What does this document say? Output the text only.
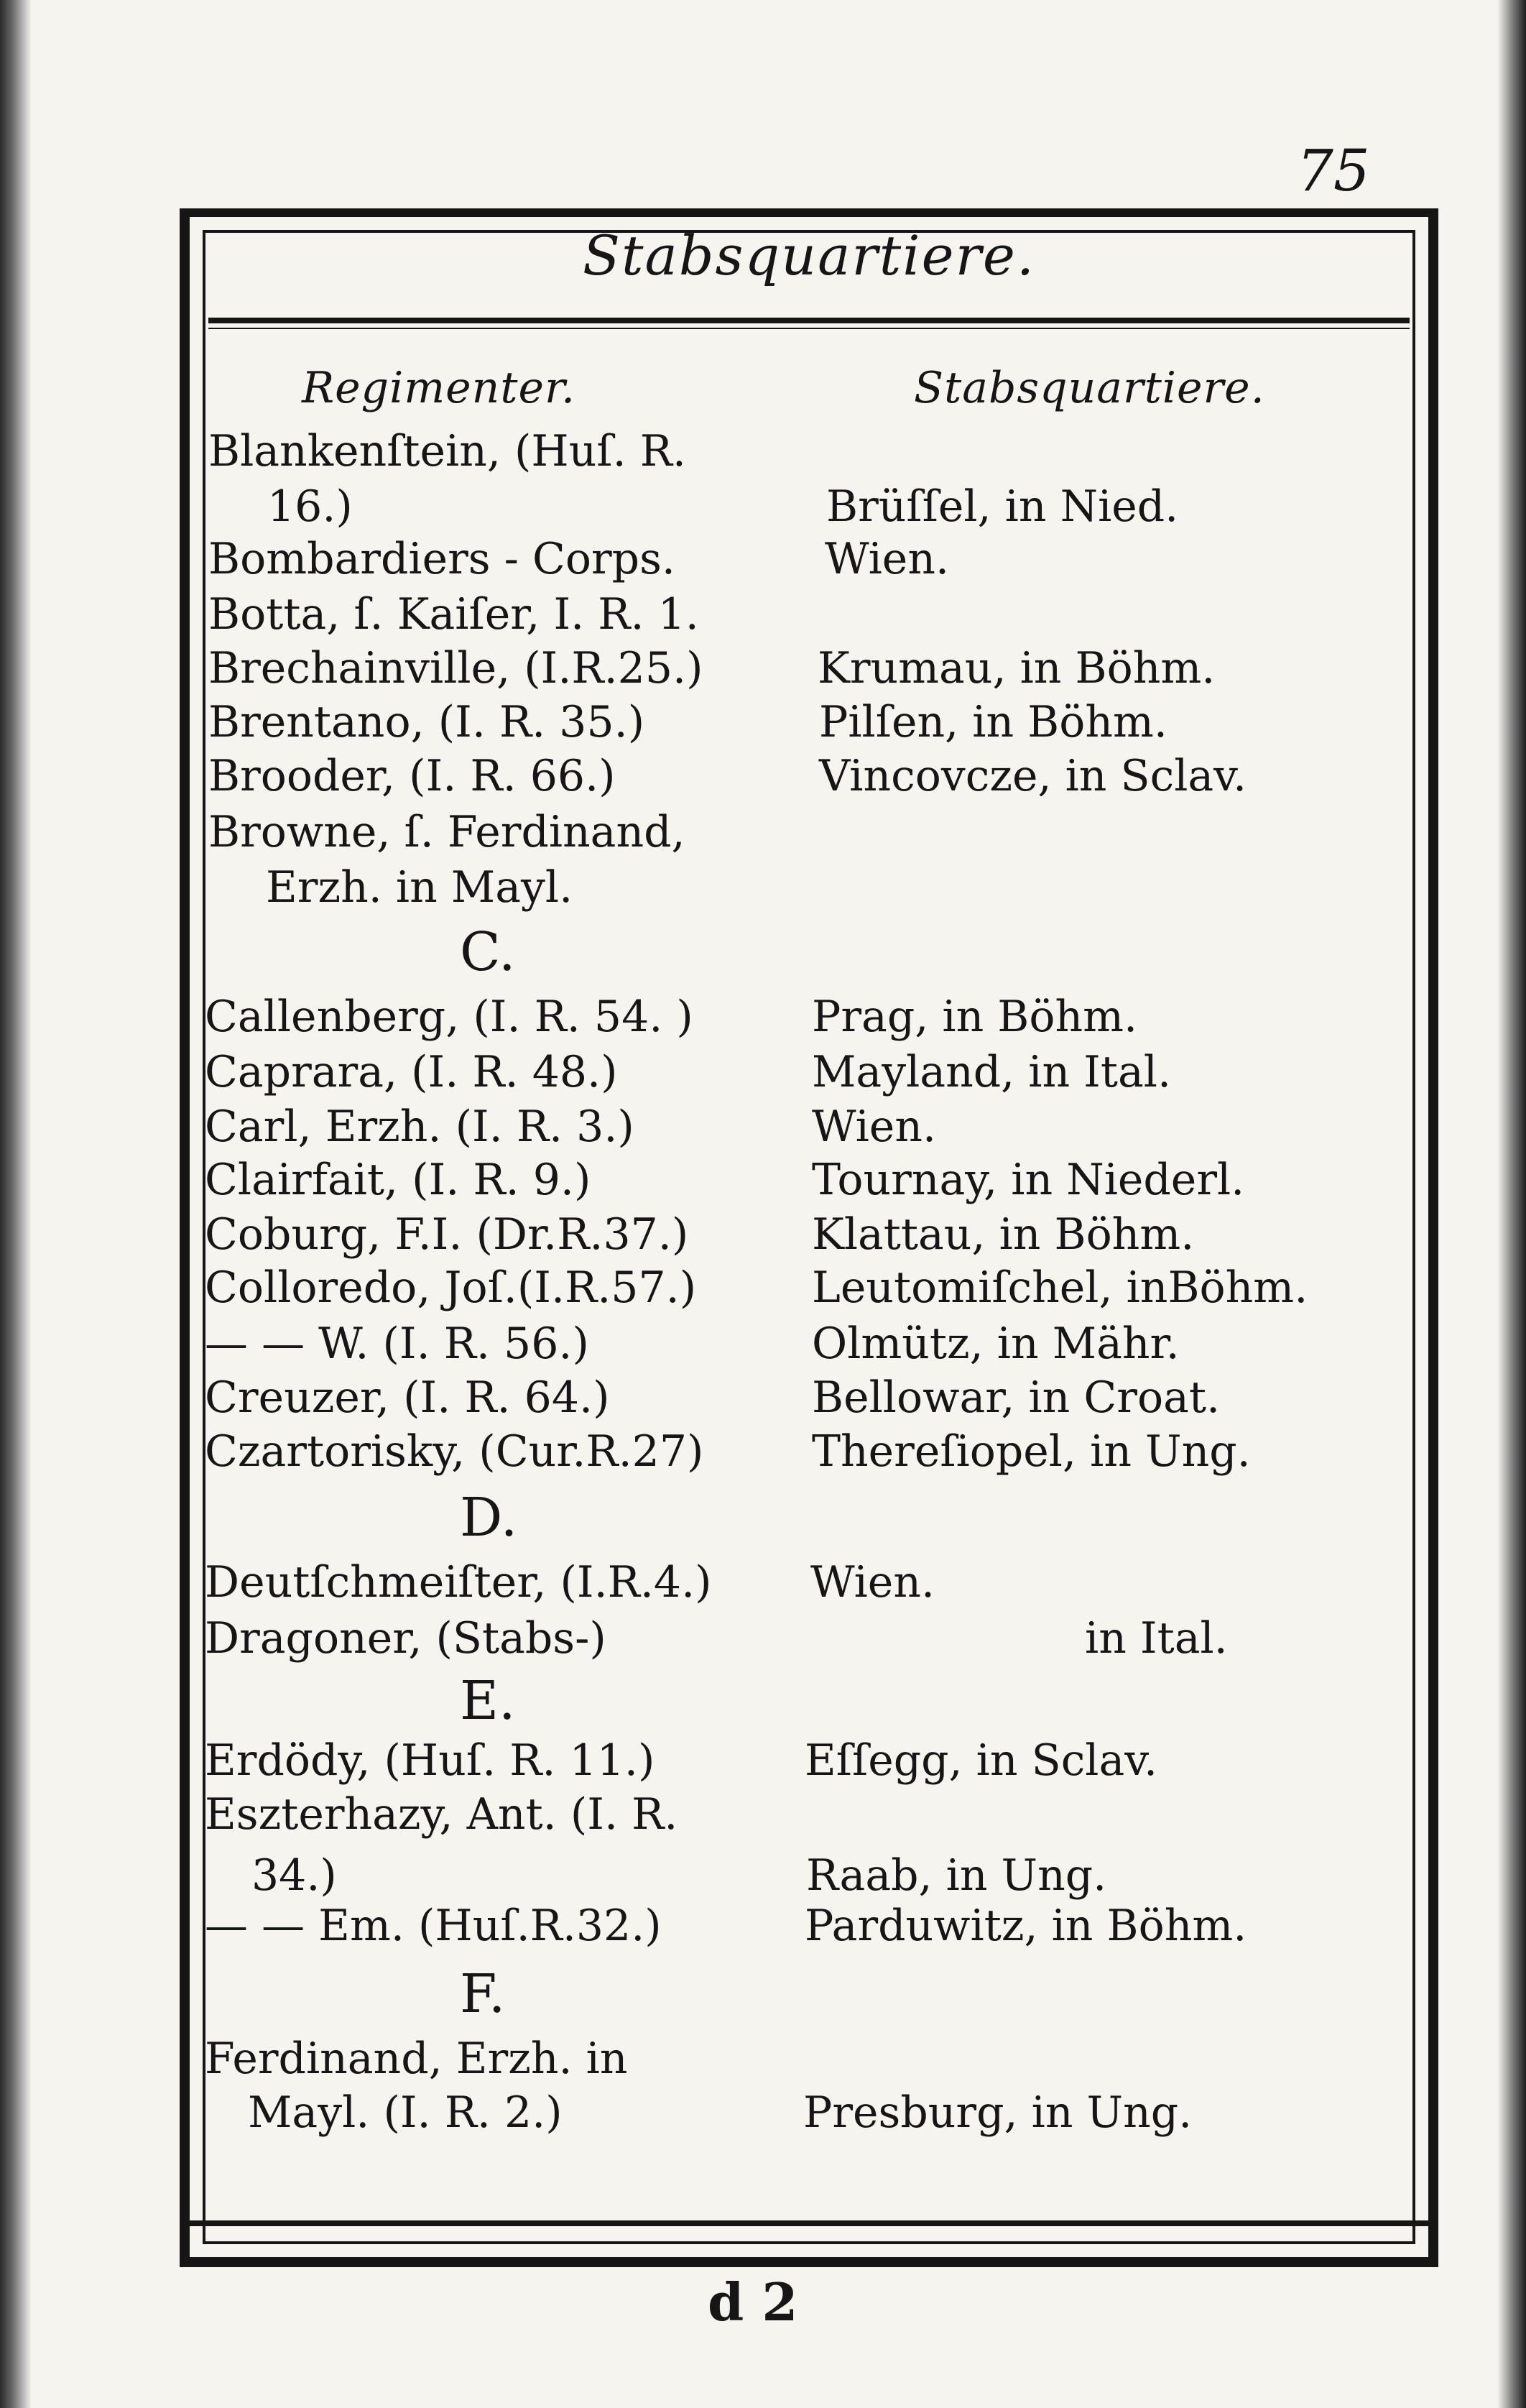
75
Stabsquartiere.
Regimenter.	Stabsquartiere.
Blankenſtein, (Huſ. R.
16.)	Brüſſel, in Nied.
Bombardiers - Corps.	Wien.
Botta, ſ. Kaiſer, I. R. 1.
Brechainville, (I.R.25.)	Krumau, in Böhm.
Brentano, (I. R. 35.)	Pilſen, in Böhm.
Brooder, (I. R. 66.)	Vincovcze, in Sclav.
Browne, ſ. Ferdinand,
Erzh. in Mayl.
C.
Callenberg, (I. R. 54. )	Prag, in Böhm.
Caprara, (I. R. 48.)	Mayland, in Ital.
Carl, Erzh. (I. R. 3.)	Wien.
Clairfait, (I. R. 9.)	Tournay, in Niederl.
Coburg, F.I. (Dr.R.37.)	Klattau, in Böhm.
Colloredo, Joſ.(I.R.57.)	Leutomiſchel, inBöhm.
— — W. (I. R. 56.)	Olmütz, in Mähr.
Creuzer, (I. R. 64.)	Bellowar, in Croat.
Czartorisky, (Cur.R.27)	Thereſiopel, in Ung.
D.
Deutſchmeiſter, (I.R.4.) Wien.
Dragoner, (Stabs-)	in Ital.
E.
Erdödy, (Huſ. R. 11.)	Eſſegg, in Sclav.
Eszterhazy, Ant. (I. R.
34.)	Raab, in Ung.
— — Em. (Huſ.R.32.)	Parduwitz, in Böhm.
F.
Ferdinand, Erzh. in
Mayl. (I. R. 2.)	Presburg, in Ung.
d 2
